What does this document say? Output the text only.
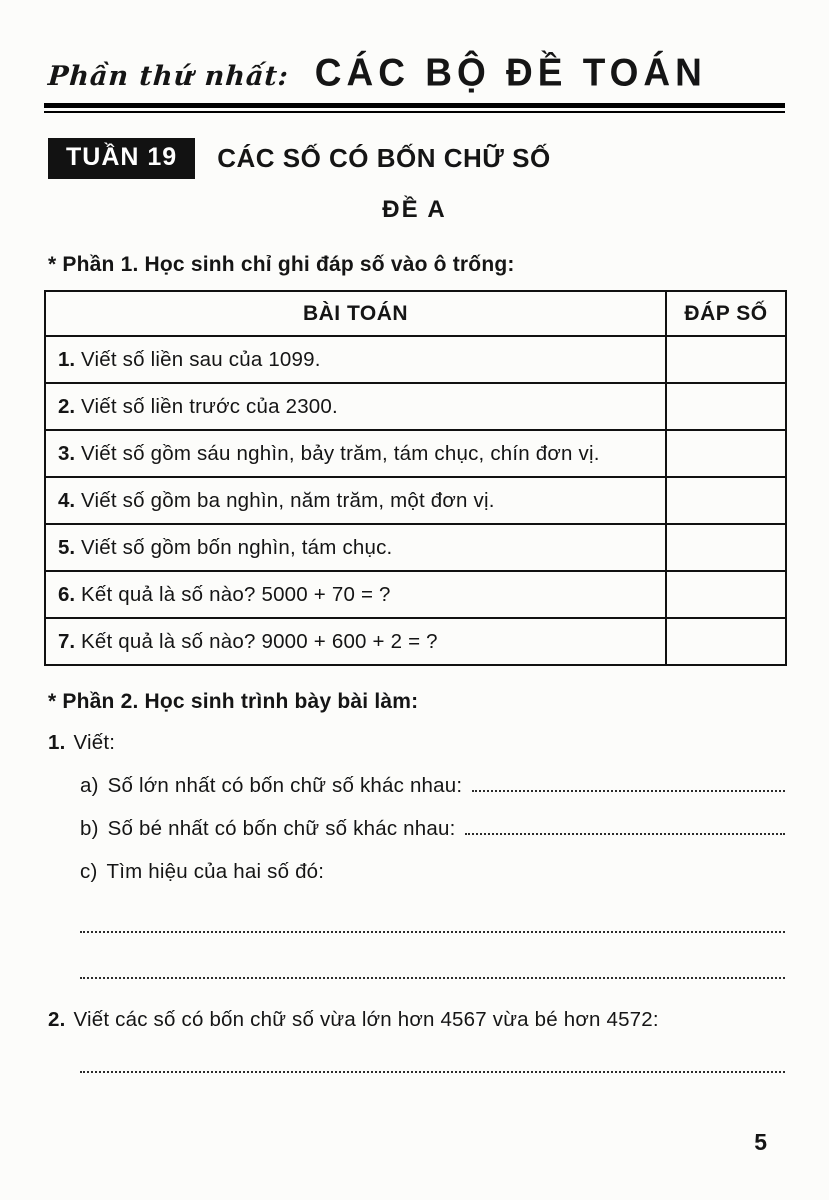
Phần thứ nhất: CÁC BỘ ĐỀ TOÁN
TUẦN 19	CÁC SỐ CÓ BỐN CHỮ SỐ
ĐỀ A
* Phần 1. Học sinh chỉ ghi đáp số vào ô trống:
BÀI TOÁN	ĐÁP SỐ
1. Viết số liền sau của 1099.	
2. Viết số liền trước của 2300.	
3. Viết số gồm sáu nghìn, bảy trăm, tám chục, chín đơn vị.	
4. Viết số gồm ba nghìn, năm trăm, một đơn vị.	
5. Viết số gồm bốn nghìn, tám chục.	
6. Kết quả là số nào? 5000 + 70 = ?	
7. Kết quả là số nào? 9000 + 600 + 2 = ?	
* Phần 2. Học sinh trình bày bài làm:
1. Viết:
a) Số lớn nhất có bốn chữ số khác nhau:
b) Số bé nhất có bốn chữ số khác nhau:
c) Tìm hiệu của hai số đó:
2. Viết các số có bốn chữ số vừa lớn hơn 4567 vừa bé hơn 4572:
5
